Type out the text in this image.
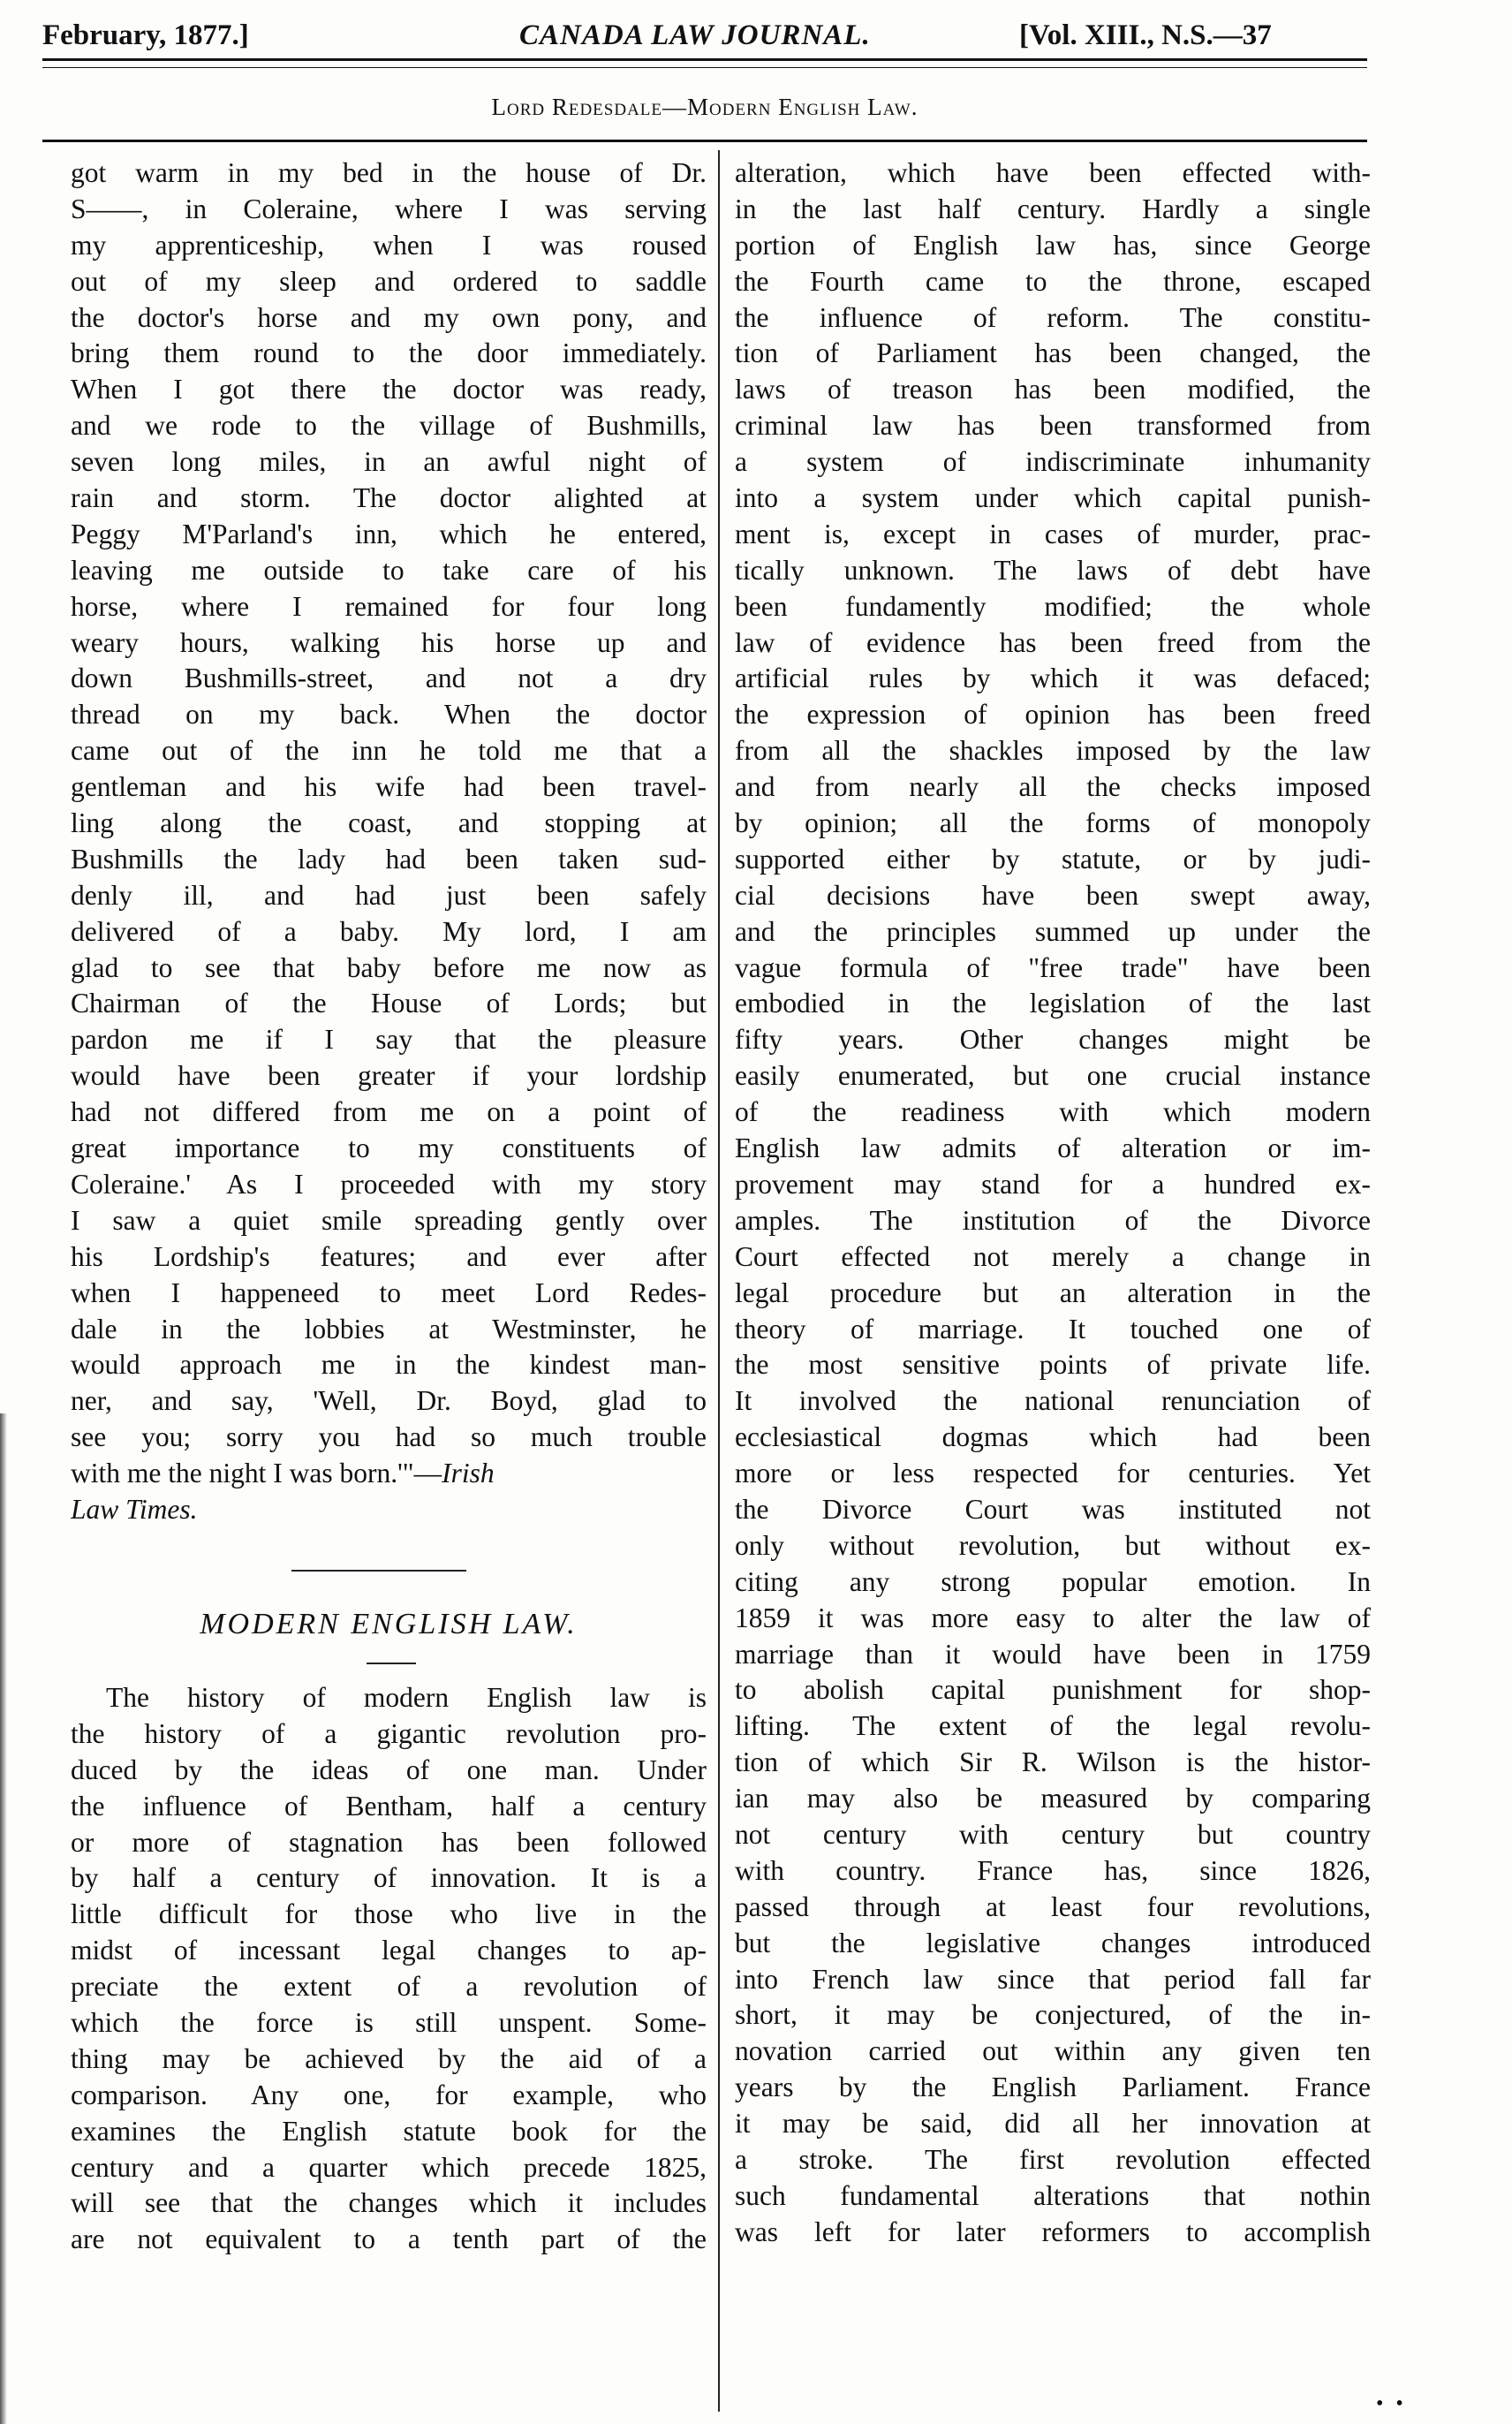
February, 1877.]	CANADA LAW JOURNAL.	[Vol. XIII., N.S.—37
Lord Redesdale—Modern English Law.
got warm in my bed in the house of Dr.
S——, in Coleraine, where I was serving
my apprenticeship, when I was roused
out of my sleep and ordered to saddle
the doctor's horse and my own pony, and
bring them round to the door immediately.
When I got there the doctor was ready,
and we rode to the village of Bushmills,
seven long miles, in an awful night of
rain and storm. The doctor alighted at
Peggy M'Parland's inn, which he entered,
leaving me outside to take care of his
horse, where I remained for four long
weary hours, walking his horse up and
down Bushmills-street, and not a dry
thread on my back. When the doctor
came out of the inn he told me that a
gentleman and his wife had been travel-
ling along the coast, and stopping at
Bushmills the lady had been taken sud-
denly ill, and had just been safely
delivered of a baby. My lord, I am
glad to see that baby before me now as
Chairman of the House of Lords; but
pardon me if I say that the pleasure
would have been greater if your lordship
had not differed from me on a point of
great importance to my constituents of
Coleraine.' As I proceeded with my story
I saw a quiet smile spreading gently over
his Lordship's features; and ever after
when I happeneed to meet Lord Redes-
dale in the lobbies at Westminster, he
would approach me in the kindest man-
ner, and say, 'Well, Dr. Boyd, glad to
see you; sorry you had so much trouble
with me the night I was born.'"—Irish
Law Times.
MODERN ENGLISH LAW.
The history of modern English law is
the history of a gigantic revolution pro-
duced by the ideas of one man. Under
the influence of Bentham, half a century
or more of stagnation has been followed
by half a century of innovation. It is a
little difficult for those who live in the
midst of incessant legal changes to ap-
preciate the extent of a revolution of
which the force is still unspent. Some-
thing may be achieved by the aid of a
comparison. Any one, for example, who
examines the English statute book for the
century and a quarter which precede 1825,
will see that the changes which it includes
are not equivalent to a tenth part of the
alteration, which have been effected with-
in the last half century. Hardly a single
portion of English law has, since George
the Fourth came to the throne, escaped
the influence of reform. The constitu-
tion of Parliament has been changed, the
laws of treason has been modified, the
criminal law has been transformed from
a system of indiscriminate inhumanity
into a system under which capital punish-
ment is, except in cases of murder, prac-
tically unknown. The laws of debt have
been fundamently modified; the whole
law of evidence has been freed from the
artificial rules by which it was defaced;
the expression of opinion has been freed
from all the shackles imposed by the law
and from nearly all the checks imposed
by opinion; all the forms of monopoly
supported either by statute, or by judi-
cial decisions have been swept away,
and the principles summed up under the
vague formula of "free trade" have been
embodied in the legislation of the last
fifty years. Other changes might be
easily enumerated, but one crucial instance
of the readiness with which modern
English law admits of alteration or im-
provement may stand for a hundred ex-
amples. The institution of the Divorce
Court effected not merely a change in
legal procedure but an alteration in the
theory of marriage. It touched one of
the most sensitive points of private life.
It involved the national renunciation of
ecclesiastical dogmas which had been
more or less respected for centuries. Yet
the Divorce Court was instituted not
only without revolution, but without ex-
citing any strong popular emotion. In
1859 it was more easy to alter the law of
marriage than it would have been in 1759
to abolish capital punishment for shop-
lifting. The extent of the legal revolu-
tion of which Sir R. Wilson is the histor-
ian may also be measured by comparing
not century with century but country
with country. France has, since 1826,
passed through at least four revolutions,
but the legislative changes introduced
into French law since that period fall far
short, it may be conjectured, of the in-
novation carried out within any given ten
years by the English Parliament. France
it may be said, did all her innovation at
a stroke. The first revolution effected
such fundamental alterations that nothin
was left for later reformers to accomplish
• •
